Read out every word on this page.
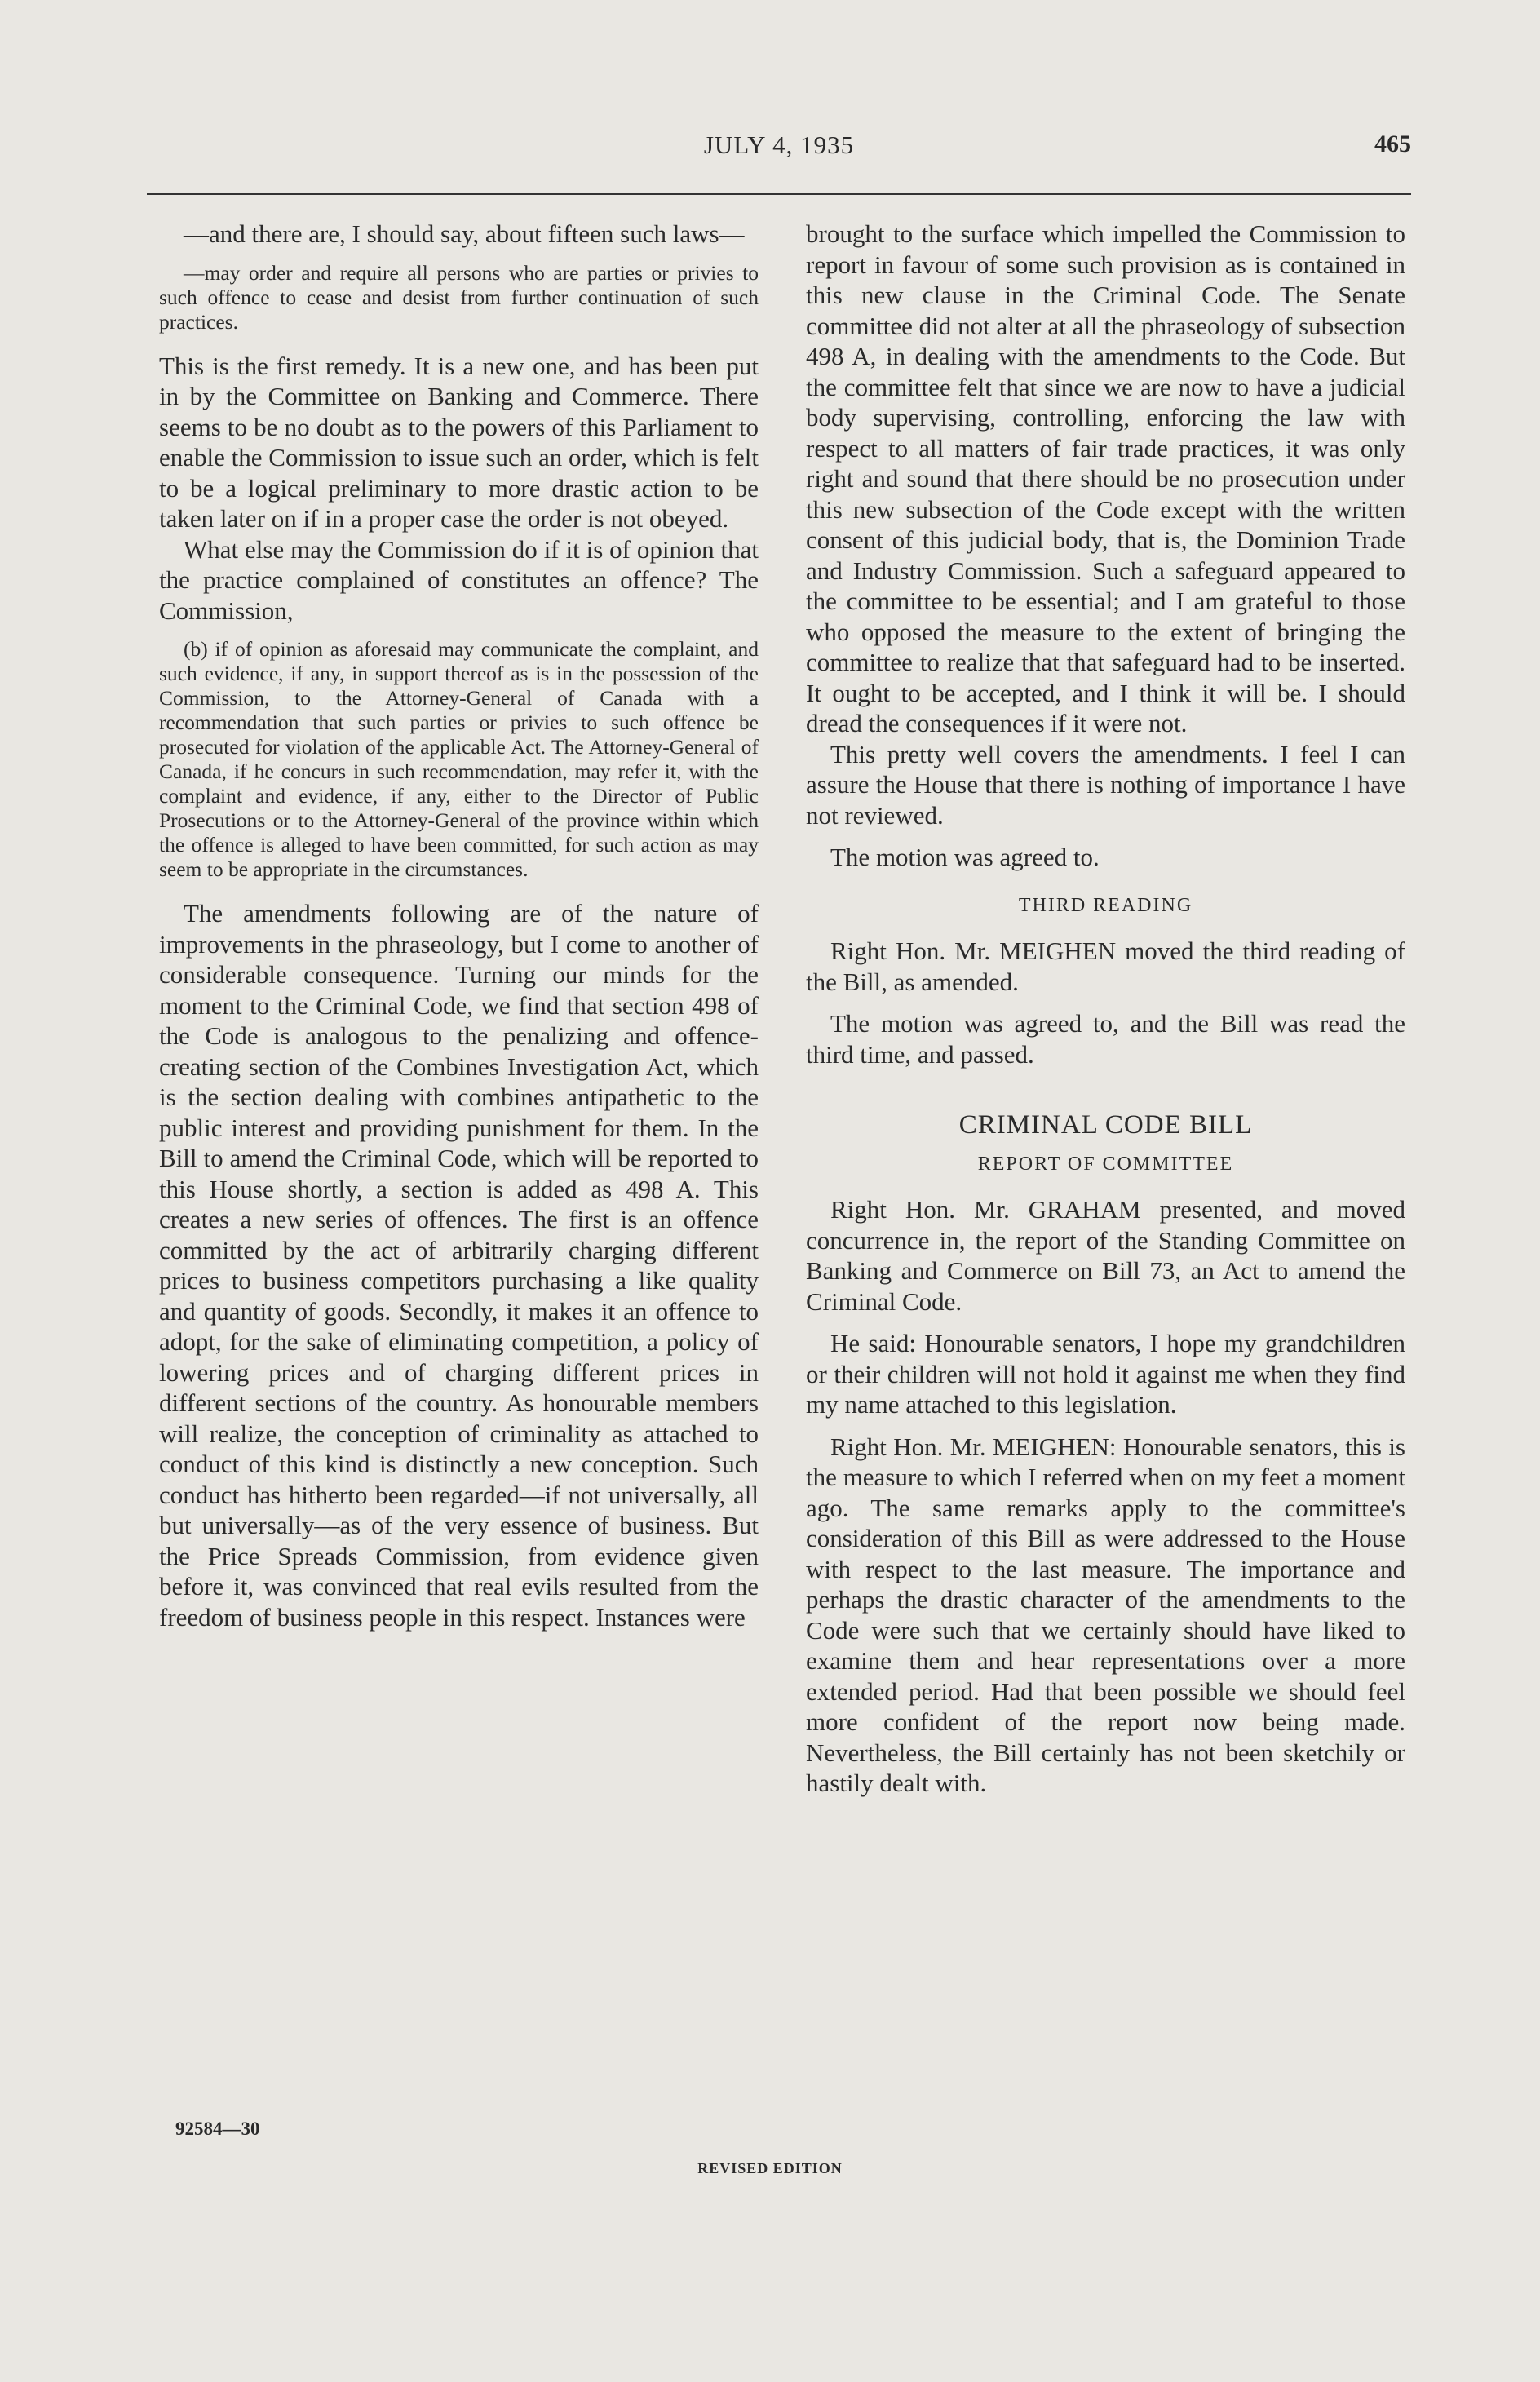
JULY 4, 1935	465

—and there are, I should say, about fifteen such laws—

—may order and require all persons who are parties or privies to such offence to cease and desist from further continuation of such practices.

This is the first remedy. It is a new one, and has been put in by the Committee on Banking and Commerce. There seems to be no doubt as to the powers of this Parliament to enable the Commission to issue such an order, which is felt to be a logical preliminary to more drastic action to be taken later on if in a proper case the order is not obeyed.

What else may the Commission do if it is of opinion that the practice complained of constitutes an offence? The Commission,

(b) if of opinion as aforesaid may communicate the complaint, and such evidence, if any, in support thereof as is in the possession of the Commission, to the Attorney-General of Canada with a recommendation that such parties or privies to such offence be prosecuted for violation of the applicable Act. The Attorney-General of Canada, if he concurs in such recommendation, may refer it, with the complaint and evidence, if any, either to the Director of Public Prosecutions or to the Attorney-General of the province within which the offence is alleged to have been committed, for such action as may seem to be appropriate in the circumstances.

The amendments following are of the nature of improvements in the phraseology, but I come to another of considerable consequence. Turning our minds for the moment to the Criminal Code, we find that section 498 of the Code is analogous to the penalizing and offence-creating section of the Combines Investigation Act, which is the section dealing with combines antipathetic to the public interest and providing punishment for them. In the Bill to amend the Criminal Code, which will be reported to this House shortly, a section is added as 498 A. This creates a new series of offences. The first is an offence committed by the act of arbitrarily charging different prices to business competitors purchasing a like quality and quantity of goods. Secondly, it makes it an offence to adopt, for the sake of eliminating competition, a policy of lowering prices and of charging different prices in different sections of the country. As honourable members will realize, the conception of criminality as attached to conduct of this kind is distinctly a new conception. Such conduct has hitherto been regarded—if not universally, all but universally—as of the very essence of business. But the Price Spreads Commission, from evidence given before it, was convinced that real evils resulted from the freedom of business people in this respect. Instances were

brought to the surface which impelled the Commission to report in favour of some such provision as is contained in this new clause in the Criminal Code. The Senate committee did not alter at all the phraseology of subsection 498 A, in dealing with the amendments to the Code. But the committee felt that since we are now to have a judicial body supervising, controlling, enforcing the law with respect to all matters of fair trade practices, it was only right and sound that there should be no prosecution under this new subsection of the Code except with the written consent of this judicial body, that is, the Dominion Trade and Industry Commission. Such a safeguard appeared to the committee to be essential; and I am grateful to those who opposed the measure to the extent of bringing the committee to realize that that safeguard had to be inserted. It ought to be accepted, and I think it will be. I should dread the consequences if it were not.

This pretty well covers the amendments. I feel I can assure the House that there is nothing of importance I have not reviewed.

The motion was agreed to.

THIRD READING

Right Hon. Mr. MEIGHEN moved the third reading of the Bill, as amended.

The motion was agreed to, and the Bill was read the third time, and passed.

CRIMINAL CODE BILL
REPORT OF COMMITTEE

Right Hon. Mr. GRAHAM presented, and moved concurrence in, the report of the Standing Committee on Banking and Commerce on Bill 73, an Act to amend the Criminal Code.

He said: Honourable senators, I hope my grandchildren or their children will not hold it against me when they find my name attached to this legislation.

Right Hon. Mr. MEIGHEN: Honourable senators, this is the measure to which I referred when on my feet a moment ago. The same remarks apply to the committee's consideration of this Bill as were addressed to the House with respect to the last measure. The importance and perhaps the drastic character of the amendments to the Code were such that we certainly should have liked to examine them and hear representations over a more extended period. Had that been possible we should feel more confident of the report now being made. Nevertheless, the Bill certainly has not been sketchily or hastily dealt with.

92584—30
REVISED EDITION
